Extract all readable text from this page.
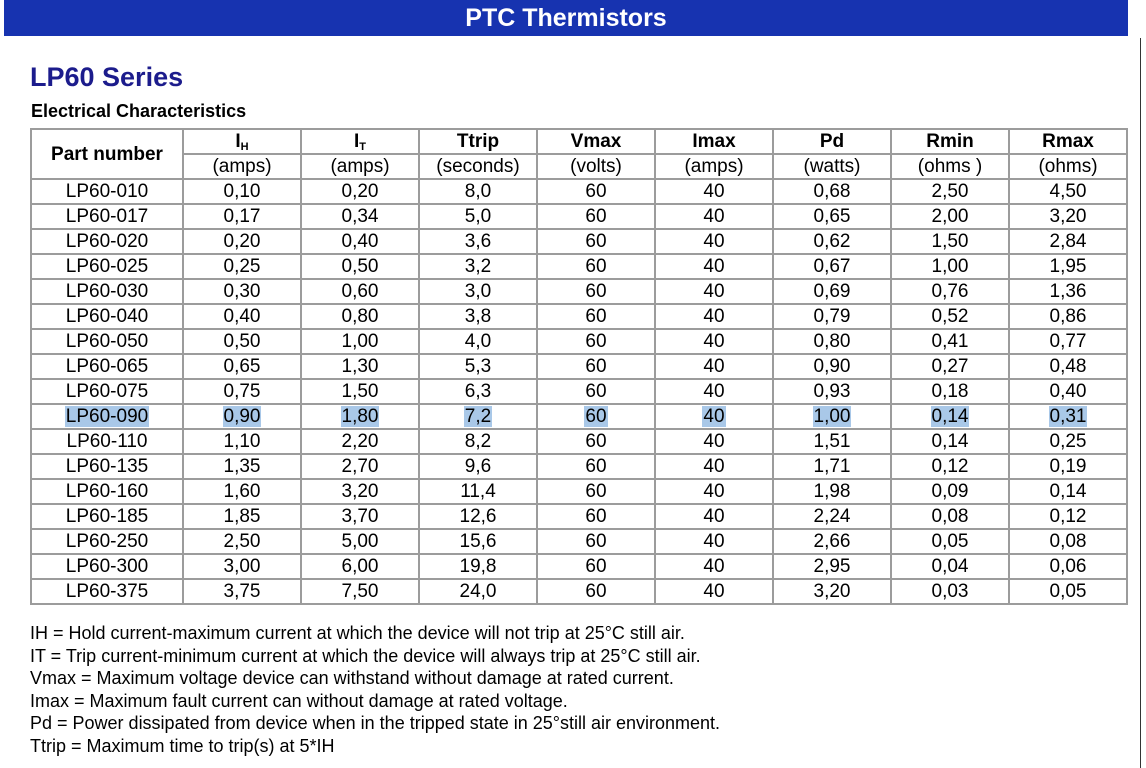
PTC Thermistors
LP60 Series
Electrical Characteristics
Part number	$I_H$	$I_T$	Ttrip	Vmax	Imax	Pd	Rmin	Rmax
	(amps)	(amps)	(seconds)	(volts)	(amps)	(watts)	(ohms )	(ohms)
LP60-010	0,10	0,20	8,0	60	40	0,68	2,50	4,50
LP60-017	0,17	0,34	5,0	60	40	0,65	2,00	3,20
LP60-020	0,20	0,40	3,6	60	40	0,62	1,50	2,84
LP60-025	0,25	0,50	3,2	60	40	0,67	1,00	1,95
LP60-030	0,30	0,60	3,0	60	40	0,69	0,76	1,36
LP60-040	0,40	0,80	3,8	60	40	0,79	0,52	0,86
LP60-050	0,50	1,00	4,0	60	40	0,80	0,41	0,77
LP60-065	0,65	1,30	5,3	60	40	0,90	0,27	0,48
LP60-075	0,75	1,50	6,3	60	40	0,93	0,18	0,40
LP60-090	0,90	1,80	7,2	60	40	1,00	0,14	0,31
LP60-110	1,10	2,20	8,2	60	40	1,51	0,14	0,25
LP60-135	1,35	2,70	9,6	60	40	1,71	0,12	0,19
LP60-160	1,60	3,20	11,4	60	40	1,98	0,09	0,14
LP60-185	1,85	3,70	12,6	60	40	2,24	0,08	0,12
LP60-250	2,50	5,00	15,6	60	40	2,66	0,05	0,08
LP60-300	3,00	6,00	19,8	60	40	2,95	0,04	0,06
LP60-375	3,75	7,50	24,0	60	40	3,20	0,03	0,05
IH = Hold current-maximum current at which the device will not trip at 25°C still air.
IT = Trip current-minimum current at which the device will always trip at 25°C still air.
Vmax = Maximum voltage device can withstand without damage at rated current.
Imax = Maximum fault current can without damage at rated voltage.
Pd = Power dissipated from device when in the tripped state in 25°still air environment.
Ttrip = Maximum time to trip(s) at 5*IH
